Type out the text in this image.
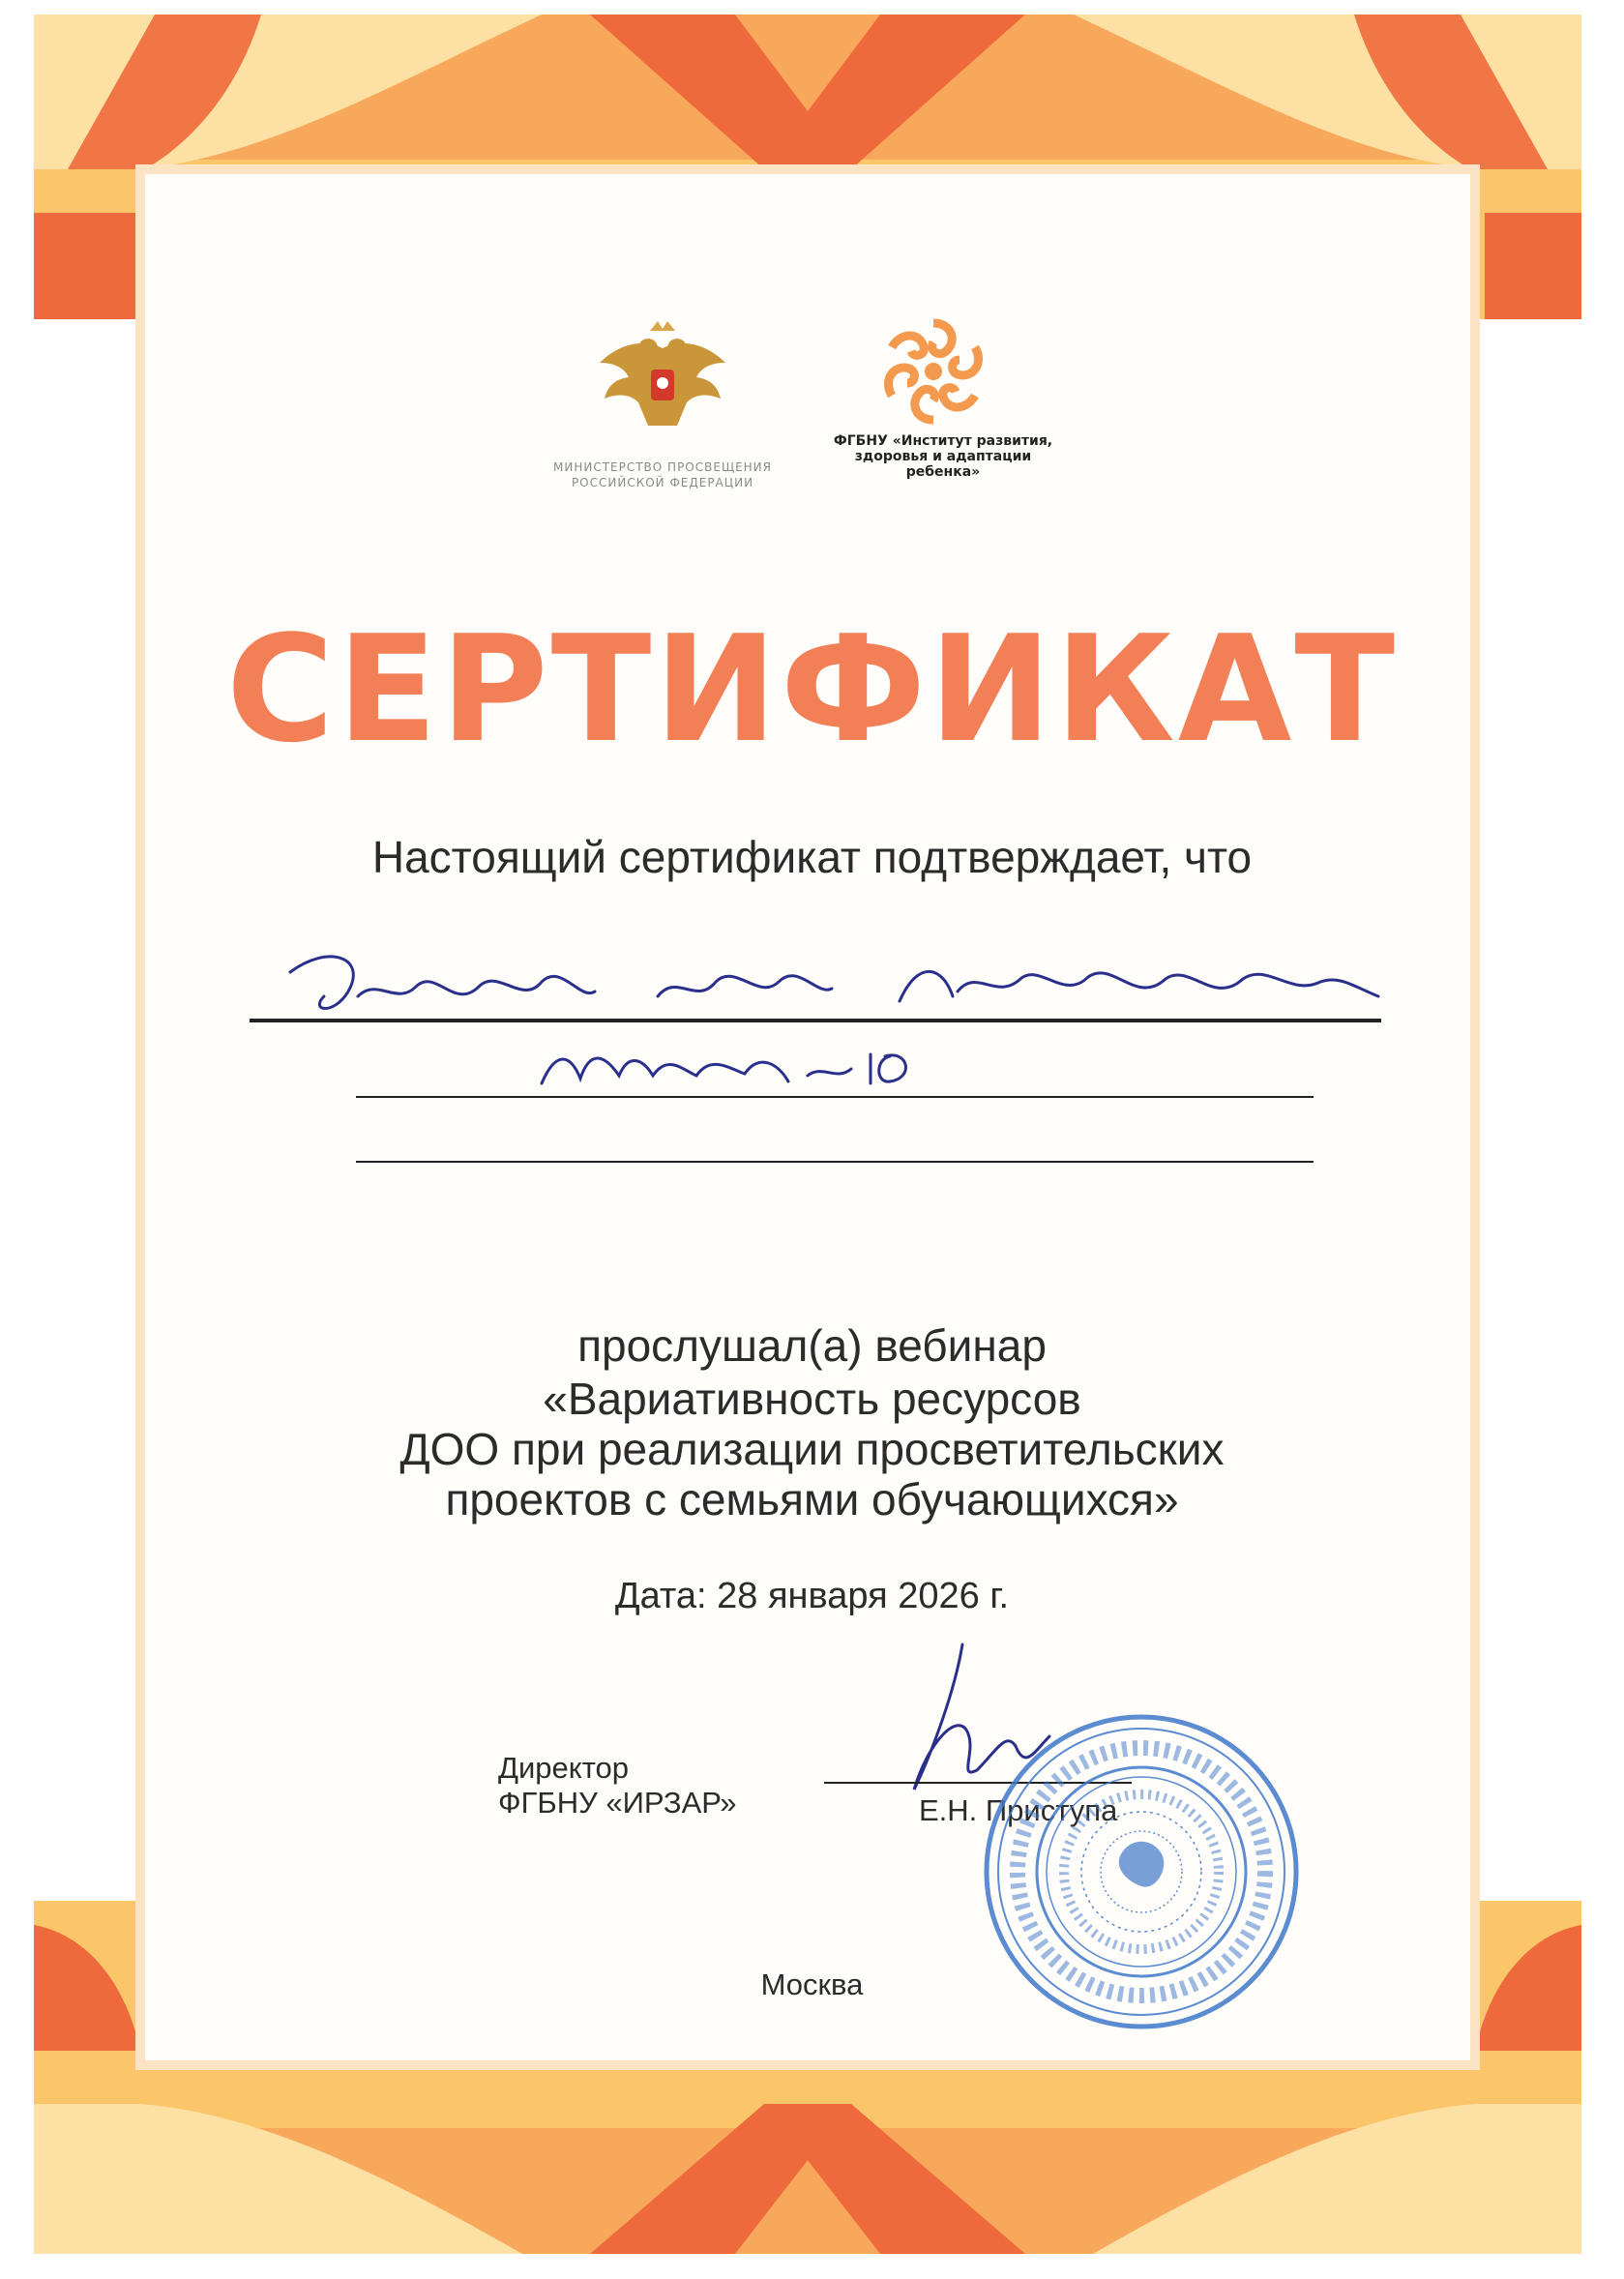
МИНИСТЕРСТВО ПРОСВЕЩЕНИЯ
РОССИЙСКОЙ ФЕДЕРАЦИИ
ФГБНУ «Институт развития,
здоровья и адаптации
ребенка»
СЕРТИФИКАТ
Настоящий сертификат подтверждает, что
прослушал(а) вебинар
«Вариативность ресурсов
ДОО при реализации просветительских
проектов с семьями обучающихся»
Дата: 28 января 2026 г.
Директор
ФГБНУ «ИРЗАР»	Е.Н. Приступа
Москва
